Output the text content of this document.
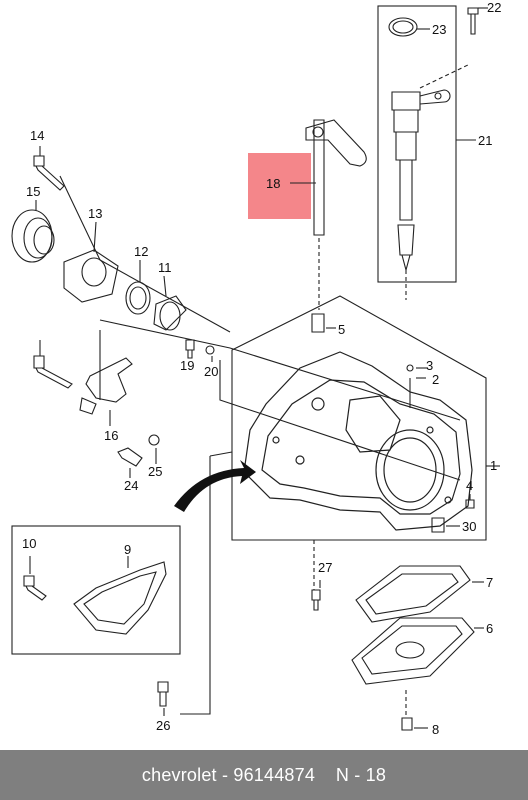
18
22
23
21
14
15
13
12
11
5
19 20	3
2
16
1
25
24	4
30
10	9
27
7
6
26	8
chevrolet - 96144874
N - 18
